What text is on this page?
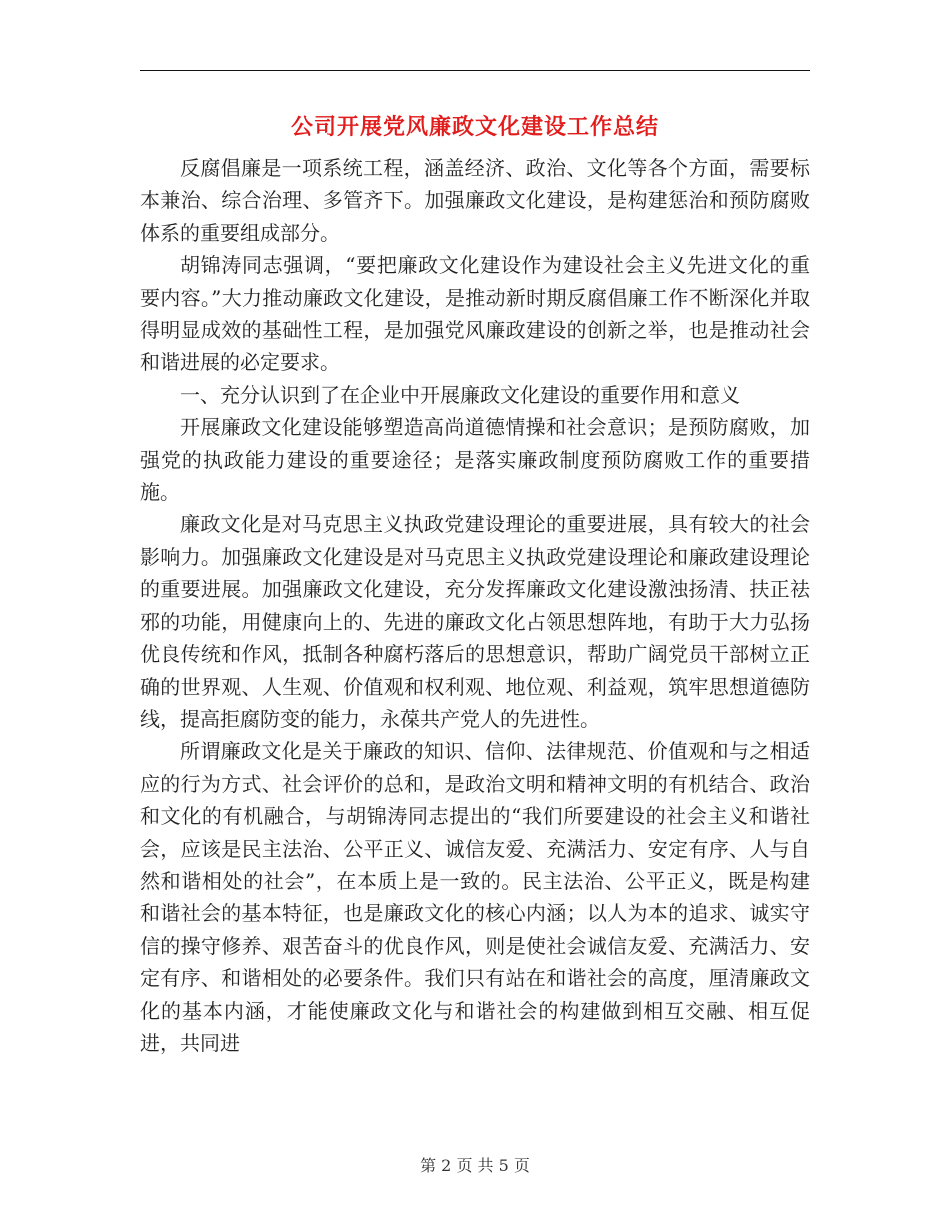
公司开展党风廉政文化建设工作总结

反腐倡廉是一项系统工程，涵盖经济、政治、文化等各个方面，需要标本兼治、综合治理、多管齐下。加强廉政文化建设，是构建惩治和预防腐败体系的重要组成部分。

胡锦涛同志强调，“要把廉政文化建设作为建设社会主义先进文化的重要内容。”大力推动廉政文化建设，是推动新时期反腐倡廉工作不断深化并取得明显成效的基础性工程，是加强党风廉政建设的创新之举，也是推动社会和谐进展的必定要求。

一、充分认识到了在企业中开展廉政文化建设的重要作用和意义

开展廉政文化建设能够塑造高尚道德情操和社会意识；是预防腐败，加强党的执政能力建设的重要途径；是落实廉政制度预防腐败工作的重要措施。

廉政文化是对马克思主义执政党建设理论的重要进展，具有较大的社会影响力。加强廉政文化建设是对马克思主义执政党建设理论和廉政建设理论的重要进展。加强廉政文化建设，充分发挥廉政文化建设激浊扬清、扶正祛邪的功能，用健康向上的、先进的廉政文化占领思想阵地，有助于大力弘扬优良传统和作风，抵制各种腐朽落后的思想意识，帮助广阔党员干部树立正确的世界观、人生观、价值观和权利观、地位观、利益观，筑牢思想道德防线，提高拒腐防变的能力，永葆共产党人的先进性。

所谓廉政文化是关于廉政的知识、信仰、法律规范、价值观和与之相适应的行为方式、社会评价的总和，是政治文明和精神文明的有机结合、政治和文化的有机融合，与胡锦涛同志提出的“我们所要建设的社会主义和谐社会，应该是民主法治、公平正义、诚信友爱、充满活力、安定有序、人与自然和谐相处的社会”，在本质上是一致的。民主法治、公平正义，既是构建和谐社会的基本特征，也是廉政文化的核心内涵；以人为本的追求、诚实守信的操守修养、艰苦奋斗的优良作风，则是使社会诚信友爱、充满活力、安定有序、和谐相处的必要条件。我们只有站在和谐社会的高度，厘清廉政文化的基本内涵，才能使廉政文化与和谐社会的构建做到相互交融、相互促进，共同进

第 2 页 共 5 页
